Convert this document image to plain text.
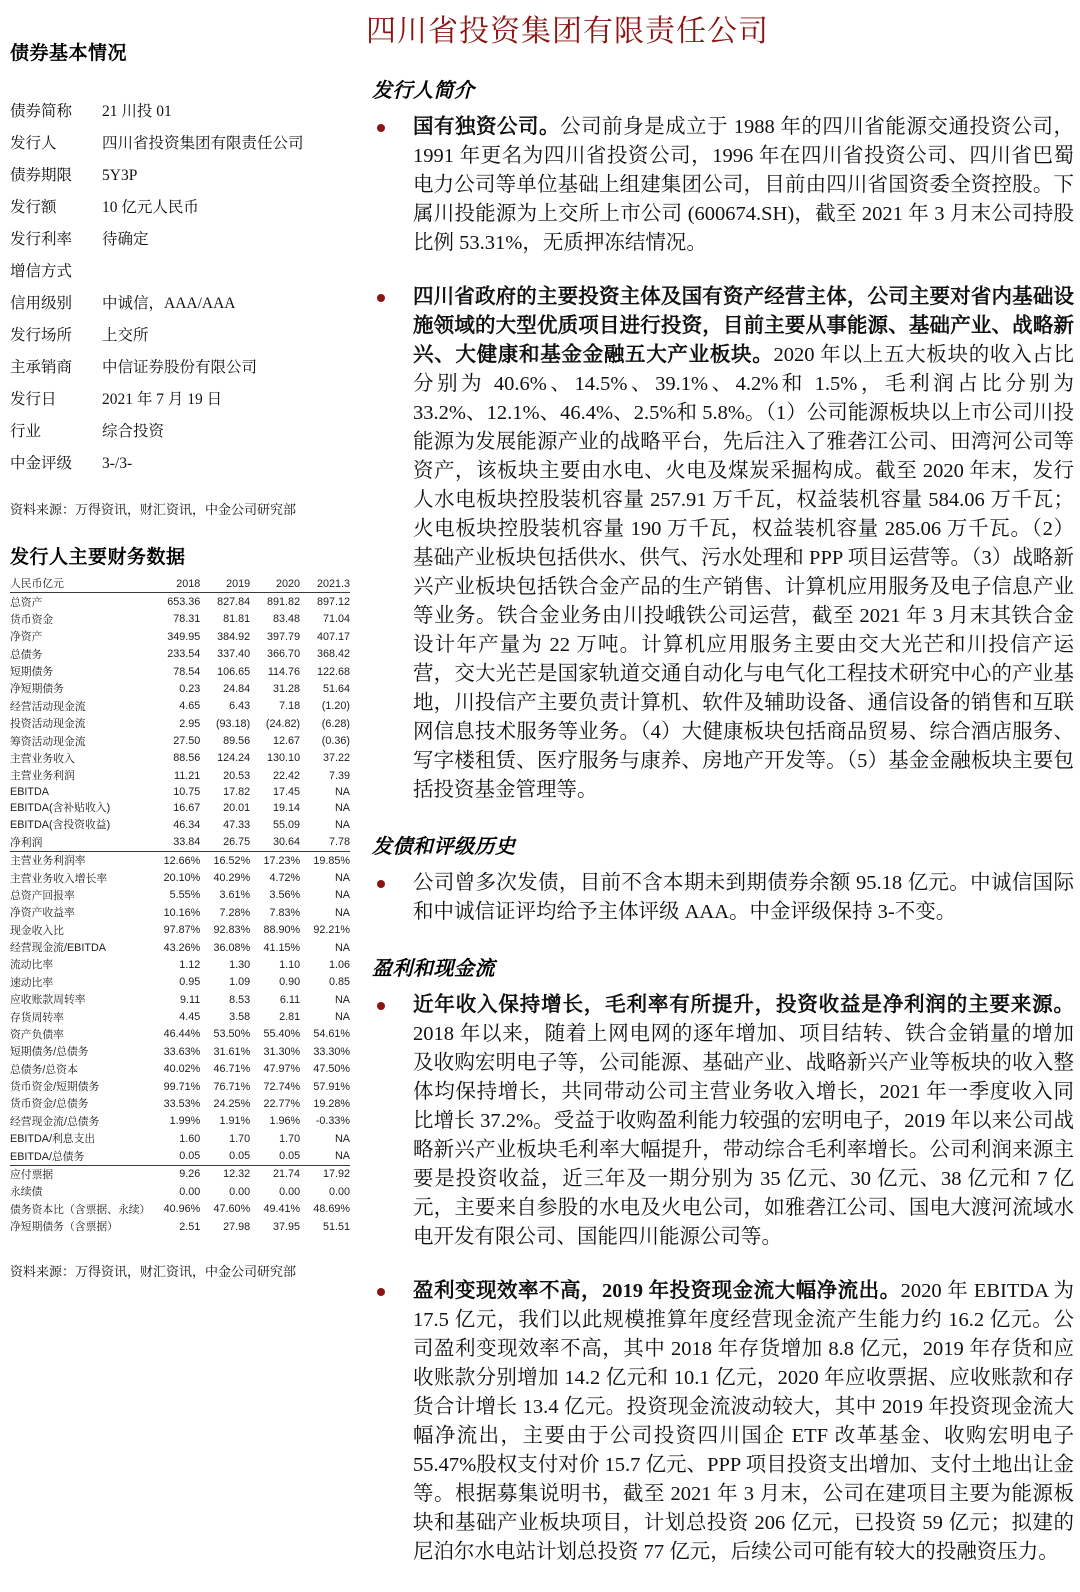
债券基本情况
债券简称	21 川投 01
发行人	四川省投资集团有限责任公司
债券期限	5Y3P
发行额	10 亿元人民币
发行利率	待确定
增信方式
信用级别	中诚信，AAA/AAA
发行场所	上交所
主承销商	中信证券股份有限公司
发行日	2021 年 7 月 19 日
行业	综合投资
中金评级	3-/3-

资料来源：万得资讯，财汇资讯，中金公司研究部

发行人主要财务数据
人民币亿元	2018	2019	2020	2021.3
总资产	653.36	827.84	891.82	897.12
货币资金	78.31	81.81	83.48	71.04
净资产	349.95	384.92	397.79	407.17
总债务	233.54	337.40	366.70	368.42
短期债务	78.54	106.65	114.76	122.68
净短期债务	0.23	24.84	31.28	51.64
经营活动现金流	4.65	6.43	7.18	(1.20)
投资活动现金流	2.95	(93.18)	(24.82)	(6.28)
筹资活动现金流	27.50	89.56	12.67	(0.36)
主营业务收入	88.56	124.24	130.10	37.22
主营业务利润	11.21	20.53	22.42	7.39
EBITDA	10.75	17.82	17.45	NA
EBITDA(含补贴收入)	16.67	20.01	19.14	NA
EBITDA(含投资收益)	46.34	47.33	55.09	NA
净利润	33.84	26.75	30.64	7.78
主营业务利润率	12.66%	16.52%	17.23%	19.85%
主营业务收入增长率	20.10%	40.29%	4.72%	NA
总资产回报率	5.55%	3.61%	3.56%	NA
净资产收益率	10.16%	7.28%	7.83%	NA
现金收入比	97.87%	92.83%	88.90%	92.21%
经营现金流/EBITDA	43.26%	36.08%	41.15%	NA
流动比率	1.12	1.30	1.10	1.06
速动比率	0.95	1.09	0.90	0.85
应收账款周转率	9.11	8.53	6.11	NA
存货周转率	4.45	3.58	2.81	NA
资产负债率	46.44%	53.50%	55.40%	54.61%
短期债务/总债务	33.63%	31.61%	31.30%	33.30%
总债务/总资本	40.02%	46.71%	47.97%	47.50%
货币资金/短期债务	99.71%	76.71%	72.74%	57.91%
货币资金/总债务	33.53%	24.25%	22.77%	19.28%
经营现金流/总债务	1.99%	1.91%	1.96%	-0.33%
EBITDA/利息支出	1.60	1.70	1.70	NA
EBITDA/总债务	0.05	0.05	0.05	NA
应付票据	9.26	12.32	21.74	17.92
永续债	0.00	0.00	0.00	0.00
债务资本比（含票据、永续）	40.96%	47.60%	49.41%	48.69%
净短期债务（含票据）	2.51	27.98	37.95	51.51

资料来源：万得资讯，财汇资讯，中金公司研究部

四川省投资集团有限责任公司
发行人简介
国有独资公司。公司前身是成立于 1988 年的四川省能源交通投资公司，1991 年更名为四川省投资公司，1996 年在四川省投资公司、四川省巴蜀电力公司等单位基础上组建集团公司，目前由四川省国资委全资控股。下属川投能源为上交所上市公司 (600674.SH)，截至 2021 年 3 月末公司持股比例 53.31%，无质押冻结情况。
四川省政府的主要投资主体及国有资产经营主体，公司主要对省内基础设施领域的大型优质项目进行投资，目前主要从事能源、基础产业、战略新兴、大健康和基金金融五大产业板块。2020 年以上五大板块的收入占比分别为 40.6%、14.5%、39.1%、4.2%和 1.5%，毛利润占比分别为 33.2%、12.1%、46.4%、2.5%和 5.8%。（1）公司能源板块以上市公司川投能源为发展能源产业的战略平台，先后注入了雅砻江公司、田湾河公司等资产，该板块主要由水电、火电及煤炭采掘构成。截至 2020 年末，发行人水电板块控股装机容量 257.91 万千瓦，权益装机容量 584.06 万千瓦；火电板块控股装机容量 190 万千瓦，权益装机容量 285.06 万千瓦。（2）基础产业板块包括供水、供气、污水处理和 PPP 项目运营等。（3）战略新兴产业板块包括铁合金产品的生产销售、计算机应用服务及电子信息产业等业务。铁合金业务由川投峨铁公司运营，截至 2021 年 3 月末其铁合金设计年产量为 22 万吨。计算机应用服务主要由交大光芒和川投信产运营，交大光芒是国家轨道交通自动化与电气化工程技术研究中心的产业基地，川投信产主要负责计算机、软件及辅助设备、通信设备的销售和互联网信息技术服务等业务。（4）大健康板块包括商品贸易、综合酒店服务、写字楼租赁、医疗服务与康养、房地产开发等。（5）基金金融板块主要包括投资基金管理等。
发债和评级历史
公司曾多次发债，目前不含本期未到期债券余额 95.18 亿元。中诚信国际和中诚信证评均给予主体评级 AAA。中金评级保持 3-不变。
盈利和现金流
近年收入保持增长，毛利率有所提升，投资收益是净利润的主要来源。2018 年以来，随着上网电网的逐年增加、项目结转、铁合金销量的增加及收购宏明电子等，公司能源、基础产业、战略新兴产业等板块的收入整体均保持增长，共同带动公司主营业务收入增长，2021 年一季度收入同比增长 37.2%。受益于收购盈利能力较强的宏明电子，2019 年以来公司战略新兴产业板块毛利率大幅提升，带动综合毛利率增长。公司利润来源主要是投资收益，近三年及一期分别为 35 亿元、30 亿元、38 亿元和 7 亿元，主要来自参股的水电及火电公司，如雅砻江公司、国电大渡河流域水电开发有限公司、国能四川能源公司等。
盈利变现效率不高，2019 年投资现金流大幅净流出。2020 年 EBITDA 为 17.5 亿元，我们以此规模推算年度经营现金流产生能力约 16.2 亿元。公司盈利变现效率不高，其中 2018 年存货增加 8.8 亿元，2019 年存货和应收账款分别增加 14.2 亿元和 10.1 亿元，2020 年应收票据、应收账款和存货合计增长 13.4 亿元。投资现金流波动较大，其中 2019 年投资现金流大幅净流出，主要由于公司投资四川国企 ETF 改革基金、收购宏明电子 55.47%股权支付对价 15.7 亿元、PPP 项目投资支出增加、支付土地出让金等。根据募集说明书，截至 2021 年 3 月末，公司在建项目主要为能源板块和基础产业板块项目，计划总投资 206 亿元，已投资 59 亿元；拟建的尼泊尔水电站计划总投资 77 亿元，后续公司可能有较大的投融资压力。
